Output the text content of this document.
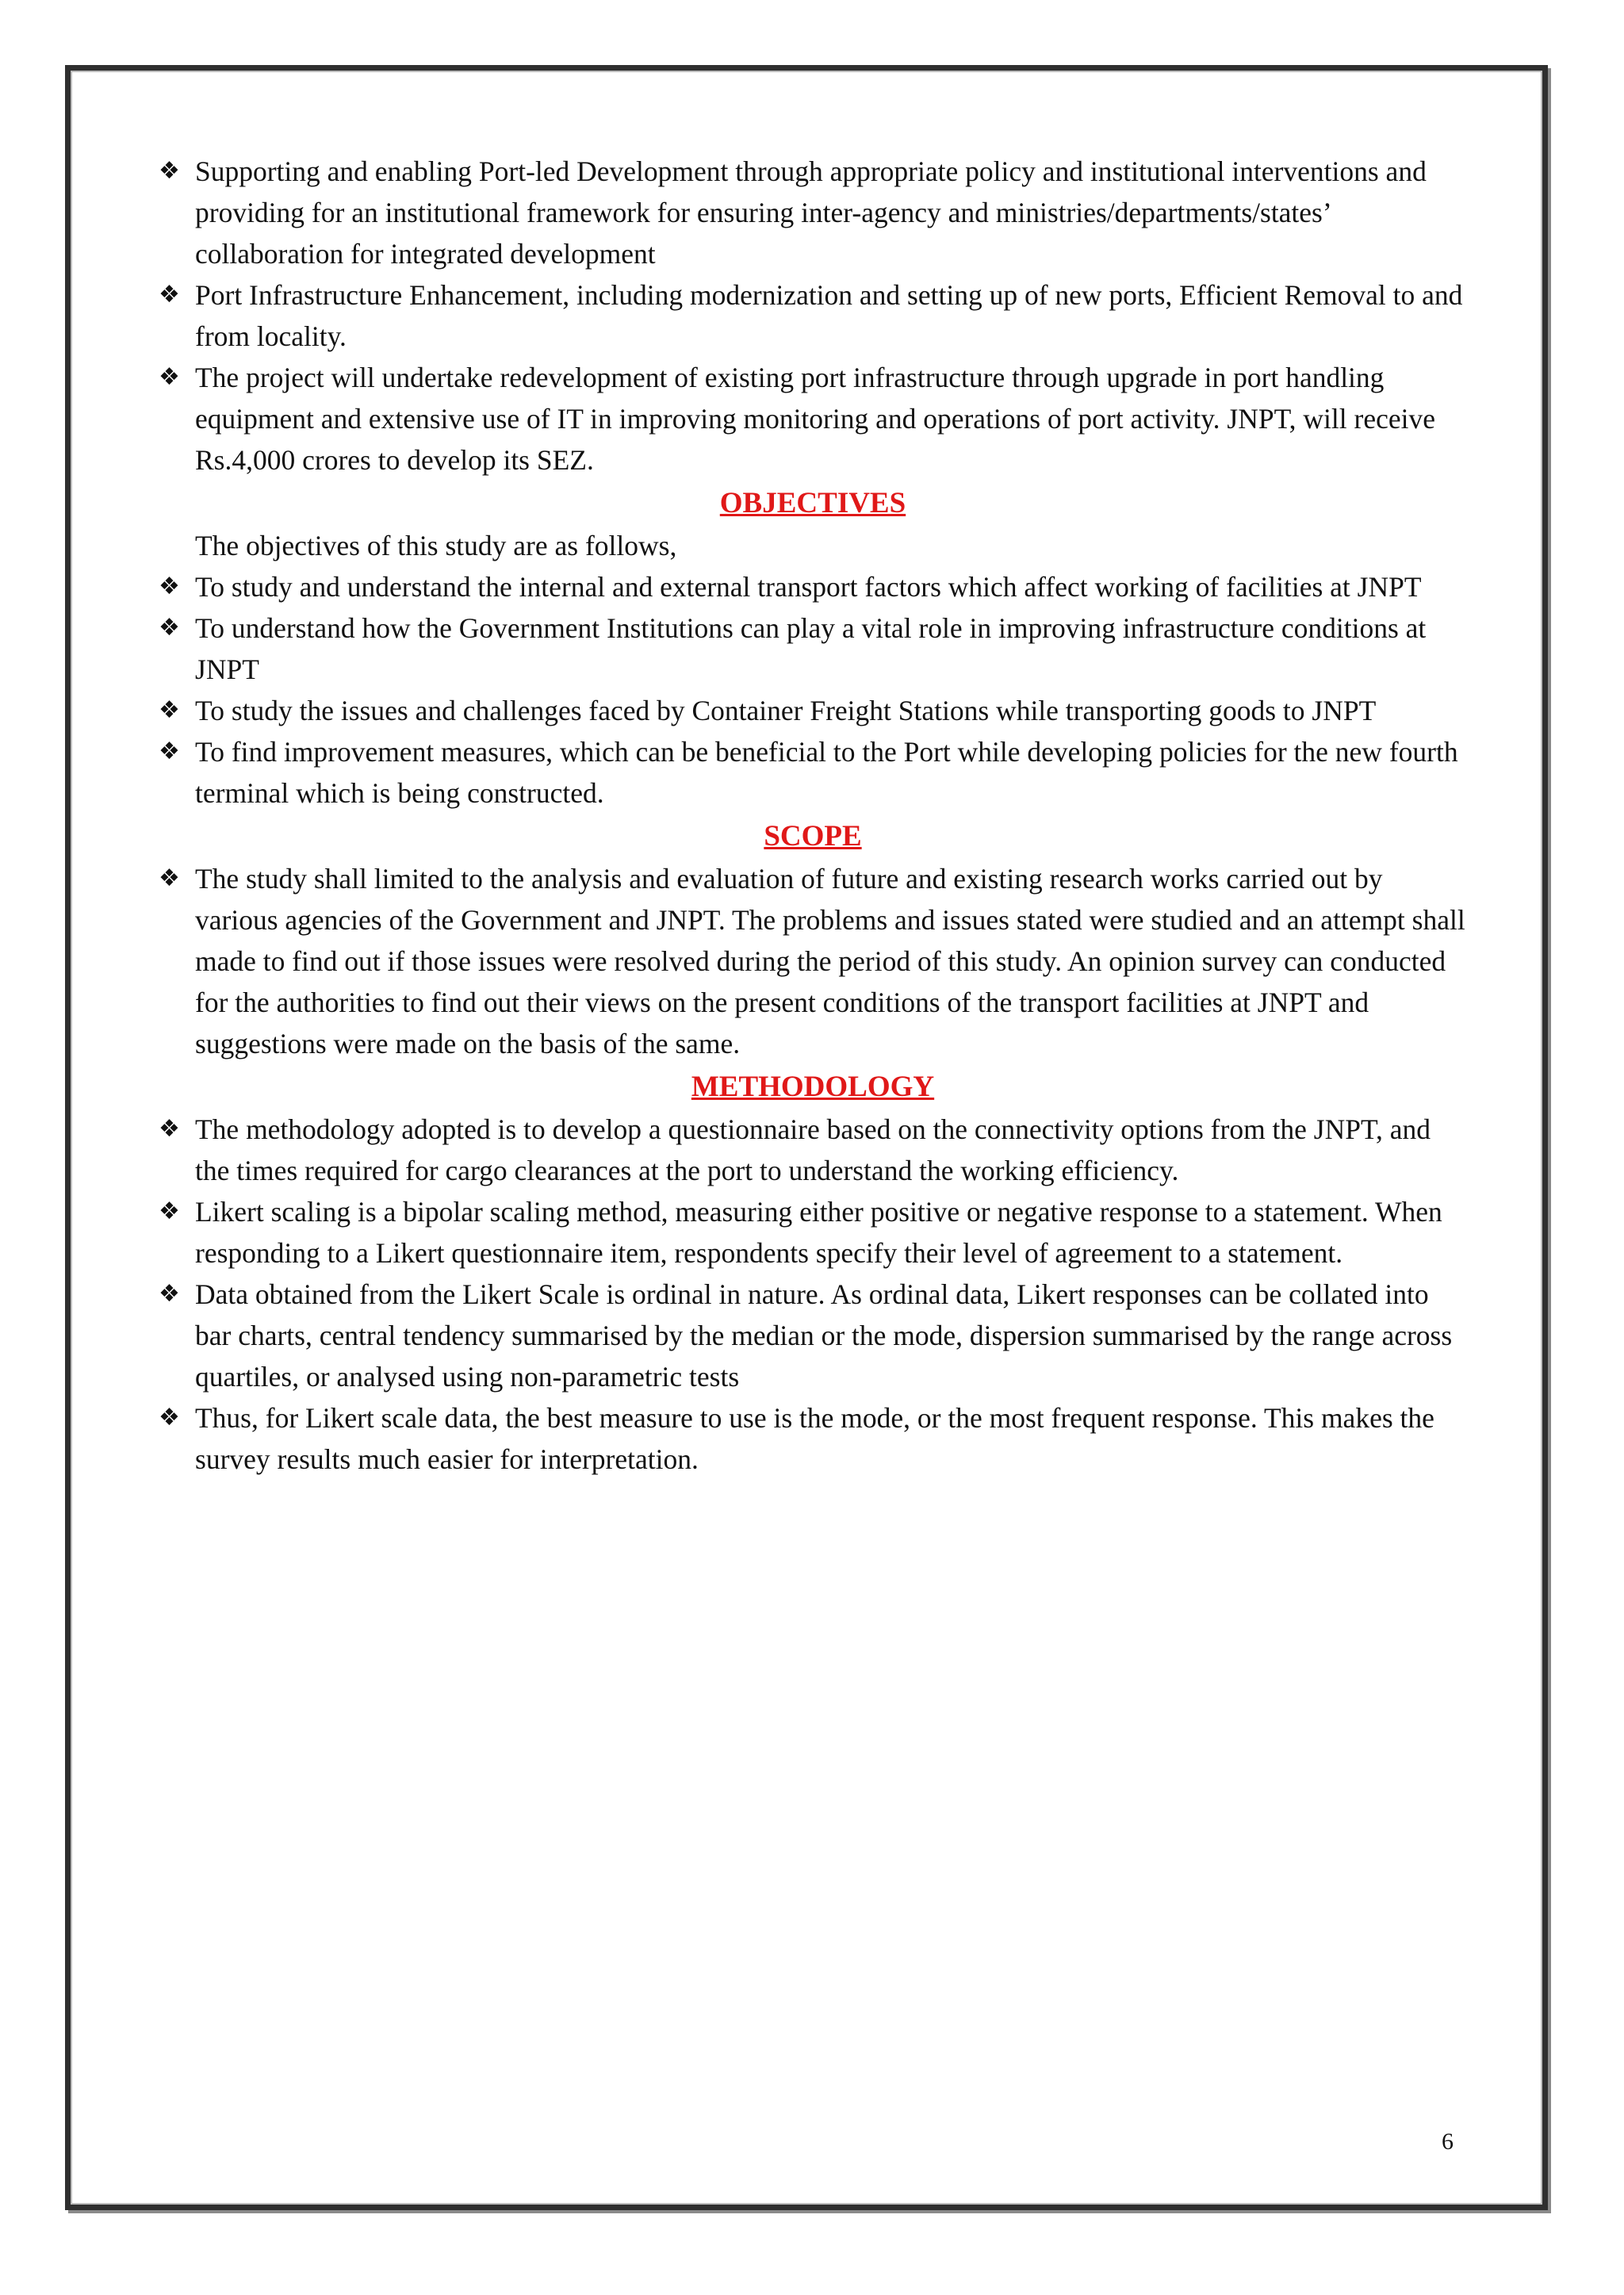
❖ Supporting and enabling Port-led Development through appropriate policy and institutional interventions and providing for an institutional framework for ensuring inter-agency and ministries/departments/states’ collaboration for integrated development
❖ Port Infrastructure Enhancement, including modernization and setting up of new ports, Efficient Removal to and from locality.
❖ The project will undertake redevelopment of existing port infrastructure through upgrade in port handling equipment and extensive use of IT in improving monitoring and operations of port activity. JNPT, will receive Rs.4,000 crores to develop its SEZ.
OBJECTIVES
The objectives of this study are as follows,
❖ To study and understand the internal and external transport factors which affect working of facilities at JNPT
❖ To understand how the Government Institutions can play a vital role in improving infrastructure conditions at JNPT
❖ To study the issues and challenges faced by Container Freight Stations while transporting goods to JNPT
❖ To find improvement measures, which can be beneficial to the Port while developing policies for the new fourth terminal which is being constructed.
SCOPE
❖ The study shall limited to the analysis and evaluation of future and existing research works carried out by various agencies of the Government and JNPT. The problems and issues stated were studied and an attempt shall made to find out if those issues were resolved during the period of this study. An opinion survey can conducted for the authorities to find out their views on the present conditions of the transport facilities at JNPT and suggestions were made on the basis of the same.
METHODOLOGY
❖ The methodology adopted is to develop a questionnaire based on the connectivity options from the JNPT, and the times required for cargo clearances at the port to understand the working efficiency.
❖ Likert scaling is a bipolar scaling method, measuring either positive or negative response to a statement. When responding to a Likert questionnaire item, respondents specify their level of agreement to a statement.
❖ Data obtained from the Likert Scale is ordinal in nature. As ordinal data, Likert responses can be collated into bar charts, central tendency summarised by the median or the mode, dispersion summarised by the range across quartiles, or analysed using non-parametric tests
❖ Thus, for Likert scale data, the best measure to use is the mode, or the most frequent response. This makes the survey results much easier for interpretation.
6
